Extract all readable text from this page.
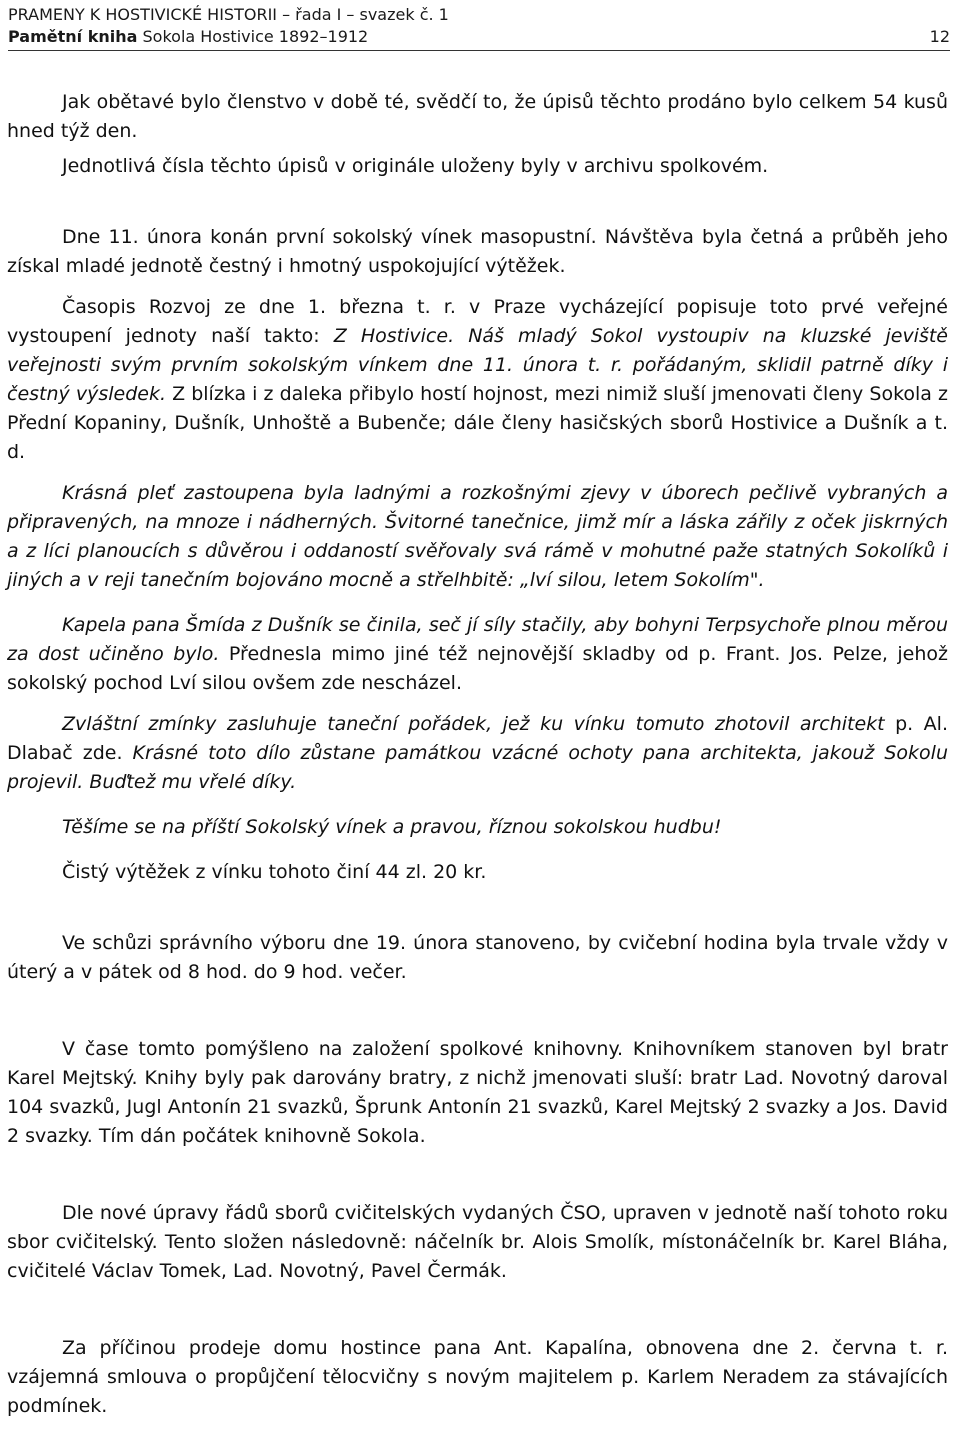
PRAMENY K HOSTIVICKÉ HISTORII – řada I – svazek č. 1
Pamětní kniha Sokola Hostivice 1892–1912	12

Jak obětavé bylo členstvo v době té, svědčí to, že úpisů těchto prodáno bylo celkem 54 kusů hned týž den.

Jednotlivá čísla těchto úpisů v originále uloženy byly v archivu spolkovém.

Dne 11. února konán první sokolský vínek masopustní. Návštěva byla četná a průběh jeho získal mladé jednotě čestný i hmotný uspokojující výtěžek.

Časopis Rozvoj ze dne 1. března t. r. v Praze vycházející popisuje toto prvé veřejné vystoupení jednoty naší takto: Z Hostivice. Náš mladý Sokol vystoupiv na kluzské jeviště veřejnosti svým prvním sokolským vínkem dne 11. února t. r. pořádaným, sklidil patrně díky i čestný výsledek. Z blízka i z daleka přibylo hostí hojnost, mezi nimiž sluší jmenovati členy Sokola z Přední Kopaniny, Dušník, Unhoště a Bubenče; dále členy hasičských sborů Hostivice a Dušník a t. d.

Krásná pleť zastoupena byla ladnými a rozkošnými zjevy v úborech pečlivě vybraných a připravených, na mnoze i nádherných. Švitorné tanečnice, jimž mír a láska zářily z oček jiskrných a z líci planoucích s důvěrou i oddaností svěřovaly svá rámě v mohutné paže statných Sokolíků i jiných a v reji tanečním bojováno mocně a střelhbitě: „lví silou, letem Sokolím".

Kapela pana Šmída z Dušník se činila, seč jí síly stačily, aby bohyni Terpsychoře plnou měrou za dost učiněno bylo. Přednesla mimo jiné též nejnovější skladby od p. Frant. Jos. Pelze, jehož sokolský pochod Lví silou ovšem zde nescházel.

Zvláštní zmínky zasluhuje taneční pořádek, jež ku vínku tomuto zhotovil architekt p. Al. Dlabač zde. Krásné toto dílo zůstane památkou vzácné ochoty pana architekta, jakouž Sokolu projevil. Buďtež mu vřelé díky.

Těšíme se na příští Sokolský vínek a pravou, říznou sokolskou hudbu!

Čistý výtěžek z vínku tohoto činí 44 zl. 20 kr.

Ve schůzi správního výboru dne 19. února stanoveno, by cvičební hodina byla trvale vždy v úterý a v pátek od 8 hod. do 9 hod. večer.

V čase tomto pomýšleno na založení spolkové knihovny. Knihovníkem stanoven byl bratr Karel Mejtský. Knihy byly pak darovány bratry, z nichž jmenovati sluší: bratr Lad. Novotný daroval 104 svazků, Jugl Antonín 21 svazků, Šprunk Antonín 21 svazků, Karel Mejtský 2 svazky a Jos. David 2 svazky. Tím dán počátek knihovně Sokola.

Dle nové úpravy řádů sborů cvičitelských vydaných ČSO, upraven v jednotě naší tohoto roku sbor cvičitelský. Tento složen následovně: náčelník br. Alois Smolík, místonáčelník br. Karel Bláha, cvičitelé Václav Tomek, Lad. Novotný, Pavel Čermák.

Za příčinou prodeje domu hostince pana Ant. Kapalína, obnovena dne 2. června t. r. vzájemná smlouva o propůjčení tělocvičny s novým majitelem p. Karlem Neradem za stávajících podmínek.
